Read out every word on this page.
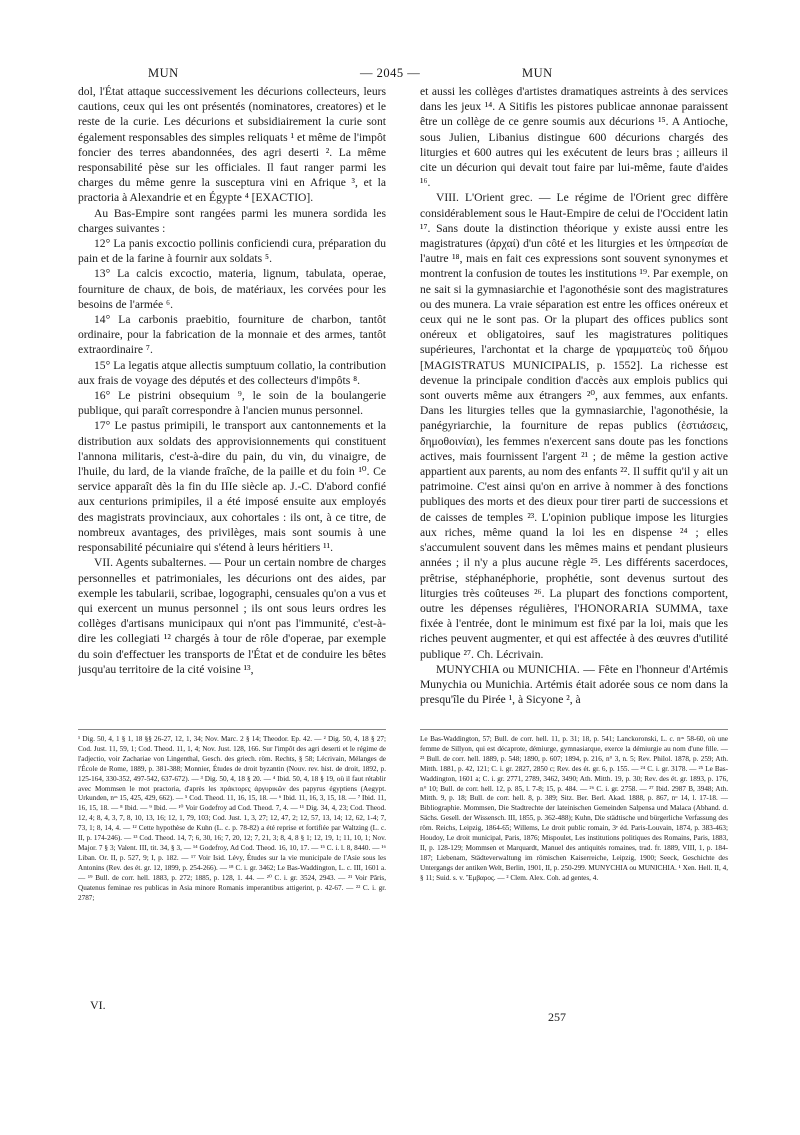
MUN	— 2045 —	MUN

dol, l'État attaque successivement les décurions collecteurs, leurs cautions, ceux qui les ont présentés (nominatores, creatores) et le reste de la curie. Les décurions et subsidiairement la curie sont également responsables des simples reliquats ¹ et même de l'impôt foncier des terres abandonnées, des agri deserti ². La même responsabilité pèse sur les officiales. Il faut ranger parmi les charges du même genre la susceptura vini en Afrique ³, et la practoria à Alexandrie et en Égypte ⁴ [EXACTIO].

Au Bas-Empire sont rangées parmi les munera sordida les charges suivantes :

12° La panis excoctio pollinis conficiendi cura, préparation du pain et de la farine à fournir aux soldats ⁵.

13° La calcis excoctio, materia, lignum, tabulata, operae, fourniture de chaux, de bois, de matériaux, les corvées pour les besoins de l'armée ⁶.

14° La carbonis praebitio, fourniture de charbon, tantôt ordinaire, pour la fabrication de la monnaie et des armes, tantôt extraordinaire ⁷.

15° La legatis atque allectis sumptuum collatio, la contribution aux frais de voyage des députés et des collecteurs d'impôts ⁸.

16° Le pistrini obsequium ⁹, le soin de la boulangerie publique, qui paraît correspondre à l'ancien munus personnel.

17° Le pastus primipili, le transport aux cantonnements et la distribution aux soldats des approvisionnements qui constituent l'annona militaris, c'est-à-dire du pain, du vin, du vinaigre, de l'huile, du lard, de la viande fraîche, de la paille et du foin ¹⁰. Ce service apparaît dès la fin du IIIe siècle ap. J.-C. D'abord confié aux centurions primipiles, il a été imposé ensuite aux employés des magistrats provinciaux, aux cohortales : ils ont, à ce titre, de nombreux avantages, des privilèges, mais sont soumis à une responsabilité pécuniaire qui s'étend à leurs héritiers ¹¹.

VII. Agents subalternes. — Pour un certain nombre de charges personnelles et patrimoniales, les décurions ont des aides, par exemple les tabularii, scribae, logographi, censuales qu'on a vus et qui exercent un munus personnel ; ils ont sous leurs ordres les collèges d'artisans municipaux qui n'ont pas l'immunité, c'est-à-dire les collegiati ¹² chargés à tour de rôle d'operae, par exemple du soin d'effectuer les transports de l'État et de conduire les bêtes jusqu'au territoire de la cité voisine ¹³,

et aussi les collèges d'artistes dramatiques astreints à des services dans les jeux ¹⁴. A Sitifis les pistores publicae annonae paraissent être un collège de ce genre soumis aux décurions ¹⁵. A Antioche, sous Julien, Libanius distingue 600 décurions chargés des liturgies et 600 autres qui les exécutent de leurs bras ; ailleurs il cite un décurion qui devait tout faire par lui-même, faute d'aides ¹⁶.

VIII. L'Orient grec. — Le régime de l'Orient grec diffère considérablement sous le Haut-Empire de celui de l'Occident latin ¹⁷. Sans doute la distinction théorique y existe aussi entre les magistratures (ἀρχαί) d'un côté et les liturgies et les ὑπηρεσίαι de l'autre ¹⁸, mais en fait ces expressions sont souvent synonymes et montrent la confusion de toutes les institutions ¹⁹. Par exemple, on ne sait si la gymnasiarchie et l'agonothésie sont des magistratures ou des munera. La vraie séparation est entre les offices onéreux et ceux qui ne le sont pas. Or la plupart des offices publics sont onéreux et obligatoires, sauf les magistratures politiques supérieures, l'archontat et la charge de γραμματεὺς τοῦ δήμου [MAGISTRATUS MUNICIPALIS, p. 1552]. La richesse est devenue la principale condition d'accès aux emplois publics qui sont ouverts même aux étrangers ²⁰, aux femmes, aux enfants. Dans les liturgies telles que la gymnasiarchie, l'agonothésie, la panégyriarchie, la fourniture de repas publics (ἑστιάσεις, δημοθοινίαι), les femmes n'exercent sans doute pas les fonctions actives, mais fournissent l'argent ²¹ ; de même la gestion active appartient aux parents, au nom des enfants ²². Il suffit qu'il y ait un patrimoine. C'est ainsi qu'on en arrive à nommer à des fonctions publiques des morts et des dieux pour tirer parti de successions et de caisses de temples ²³. L'opinion publique impose les liturgies aux riches, même quand la loi les en dispense ²⁴ ; elles s'accumulent souvent dans les mêmes mains et pendant plusieurs années ; il n'y a plus aucune règle ²⁵. Les différents sacerdoces, prêtrise, stéphanéphorie, prophétie, sont devenus surtout des liturgies très coûteuses ²⁶. La plupart des fonctions comportent, outre les dépenses régulières, l'HONORARIA SUMMA, taxe fixée à l'entrée, dont le minimum est fixé par la loi, mais que les riches peuvent augmenter, et qui est affectée à des œuvres d'utilité publique ²⁷. Ch. Lécrivain.

MUNYCHIA ou MUNICHIA. — Fête en l'honneur d'Artémis Munychia ou Munichia. Artémis était adorée sous ce nom dans la presqu'île du Pirée ¹, à Sicyone ², à

¹ Dig. 50, 4, 1 § 1, 18 §§ 26-27, 12, 1, 34; Nov. Marc. 2 § 14; Theodor. Ep. 42. — ² Dig. 50, 4, 18 § 27; Cod. Just. 11, 59, 1; Cod. Theod. 11, 1, 4; Nov. Just. 128, 166. Sur l'impôt des agri deserti et le régime de l'adjectio, voir Zachariae von Lingenthal, Gesch. des griech. röm. Rechts, § 58; Lécrivain, Mélanges de l'École de Rome, 1889, p. 381-388; Monnier, Études de droit byzantin (Nouv. rev. hist. de droit, 1892, p. 125-164, 330-352, 497-542, 637-672). — ³ Dig. 50, 4, 18 § 20. — ⁴ Ibid. 50, 4, 18 § 19, où il faut rétablir avec Mommsen le mot practoria, d'après les πράκτορες ἀργυρικῶν des papyrus égyptiens (Aegypt. Urkunden, nᵒˢ 15, 425, 429, 662). — ⁵ Cod. Theod. 11, 16, 15, 18. — ⁶ Ibid. 11, 16, 3, 15, 18. — ⁷ Ibid. 11, 16, 15, 18. — ⁸ Ibid. — ⁹ Ibid. — ¹⁰ Voir Godefroy ad Cod. Theod. 7, 4. — ¹¹ Dig. 34, 4, 23; Cod. Theod. 12, 4; 8, 4, 3, 7, 8, 10, 13, 16; 12, 1, 79, 103; Cod. Just. 1, 3, 27; 12, 47, 2; 12, 57, 13, 14; 12, 62, 1-4; 7, 73, 1; 8, 14, 4. — ¹² Cette hypothèse de Kuhn (L. c. p. 78-82) a été reprise et fortifiée par Waltzing (L. c. II, p. 174-246). — ¹³ Cod. Theod. 14, 7; 6, 30, 16; 7, 20, 12; 7, 21, 3; 8, 4, 8 § 1; 12, 19, 1; 11, 10, 1; Nov. Major. 7 § 3; Valent. III, tit. 34, § 3, — ¹⁴ Godefroy, Ad Cod. Theod. 16, 10, 17. — ¹⁵ C. i. l. 8, 8440. — ¹⁶ Liban. Or. II, p. 527, 9; I, p. 182. — ¹⁷ Voir Isid. Lévy, Études sur la vie municipale de l'Asie sous les Antonins (Rev. des ét. gr. 12, 1899, p. 254-266). — ¹⁸ C. i. gr. 3462; Le Bas-Waddington, L. c. III, 1601 a. — ¹⁹ Bull. de corr. hell. 1883, p. 272; 1885, p. 128, 1. 44. — ²⁰ C. i. gr. 3524, 2943. — ²¹ Voir Pâris, Quatenus feminae res publicas in Asia minore Romanis imperantibus attigerint, p. 42-67. — ²² C. i. gr. 2787;
Le Bas-Waddington, 57; Bull. de corr. hell. 11, p. 31; 18, p. 541; Lanckoronski, L. c. nᵒˢ 58-60, où une femme de Sillyon, qui est décaprote, démiurge, gymnasiarque, exerce la démiurgie au nom d'une fille. — ²³ Bull. de corr. hell. 1889, p. 548; 1890, p. 607; 1894, p. 216, n° 3, n. 5; Rev. Philol. 1878, p. 259; Ath. Mitth. 1881, p. 42, 121; C. i. gr. 2827, 2850 c; Rev. des ét. gr. 6, p. 155. — ²⁴ C. i. gr. 3178. — ²⁵ Le Bas-Waddington, 1601 a; C. i. gr. 2771, 2789, 3462, 3490; Ath. Mitth. 19, p. 30; Rev. des ét. gr. 1893, p. 176, n° 10; Bull. de corr. hell. 12, p. 85, l. 7-8; 15, p. 484. — ²⁶ C. i. gr. 2758. — ²⁷ Ibid. 2987 B, 3948; Ath. Mitth. 9, p. 18; Bull. de corr. hell. 8, p. 389; Sitz. Ber. Berl. Akad. 1888, p. 867, nᵒ 14, l. 17-18. — Bibliographie. Mommsen, Die Stadtrechte der lateinischen Gemeinden Salpensa und Malaca (Abhand. d. Sächs. Gesell. der Wissensch. III, 1855, p. 362-488); Kuhn, Die städtische und bürgerliche Verfassung des röm. Reichs, Leipzig, 1864-65; Willems, Le droit public romain, 3ᵉ éd. Paris-Louvain, 1874, p. 383-463; Houdoy, Le droit municipal, Paris, 1876; Mispoulet, Les institutions politiques des Romains, Paris, 1883, II, p. 128-129; Mommsen et Marquardt, Manuel des antiquités romaines, trad. fr. 1889, VIII, 1, p. 184-187; Liebenam, Städteverwaltung im römischen Kaiserreiche, Leipzig, 1900; Seeck, Geschichte des Untergangs der antiken Welt, Berlin, 1901, II, p. 250-299. MUNYCHIA ou MUNICHIA. ¹ Xen. Hell. II, 4, § 11; Suid. s. v. Ἔμβαρος. — ² Clem. Alex. Coh. ad gentes, 4.
VI.
257
